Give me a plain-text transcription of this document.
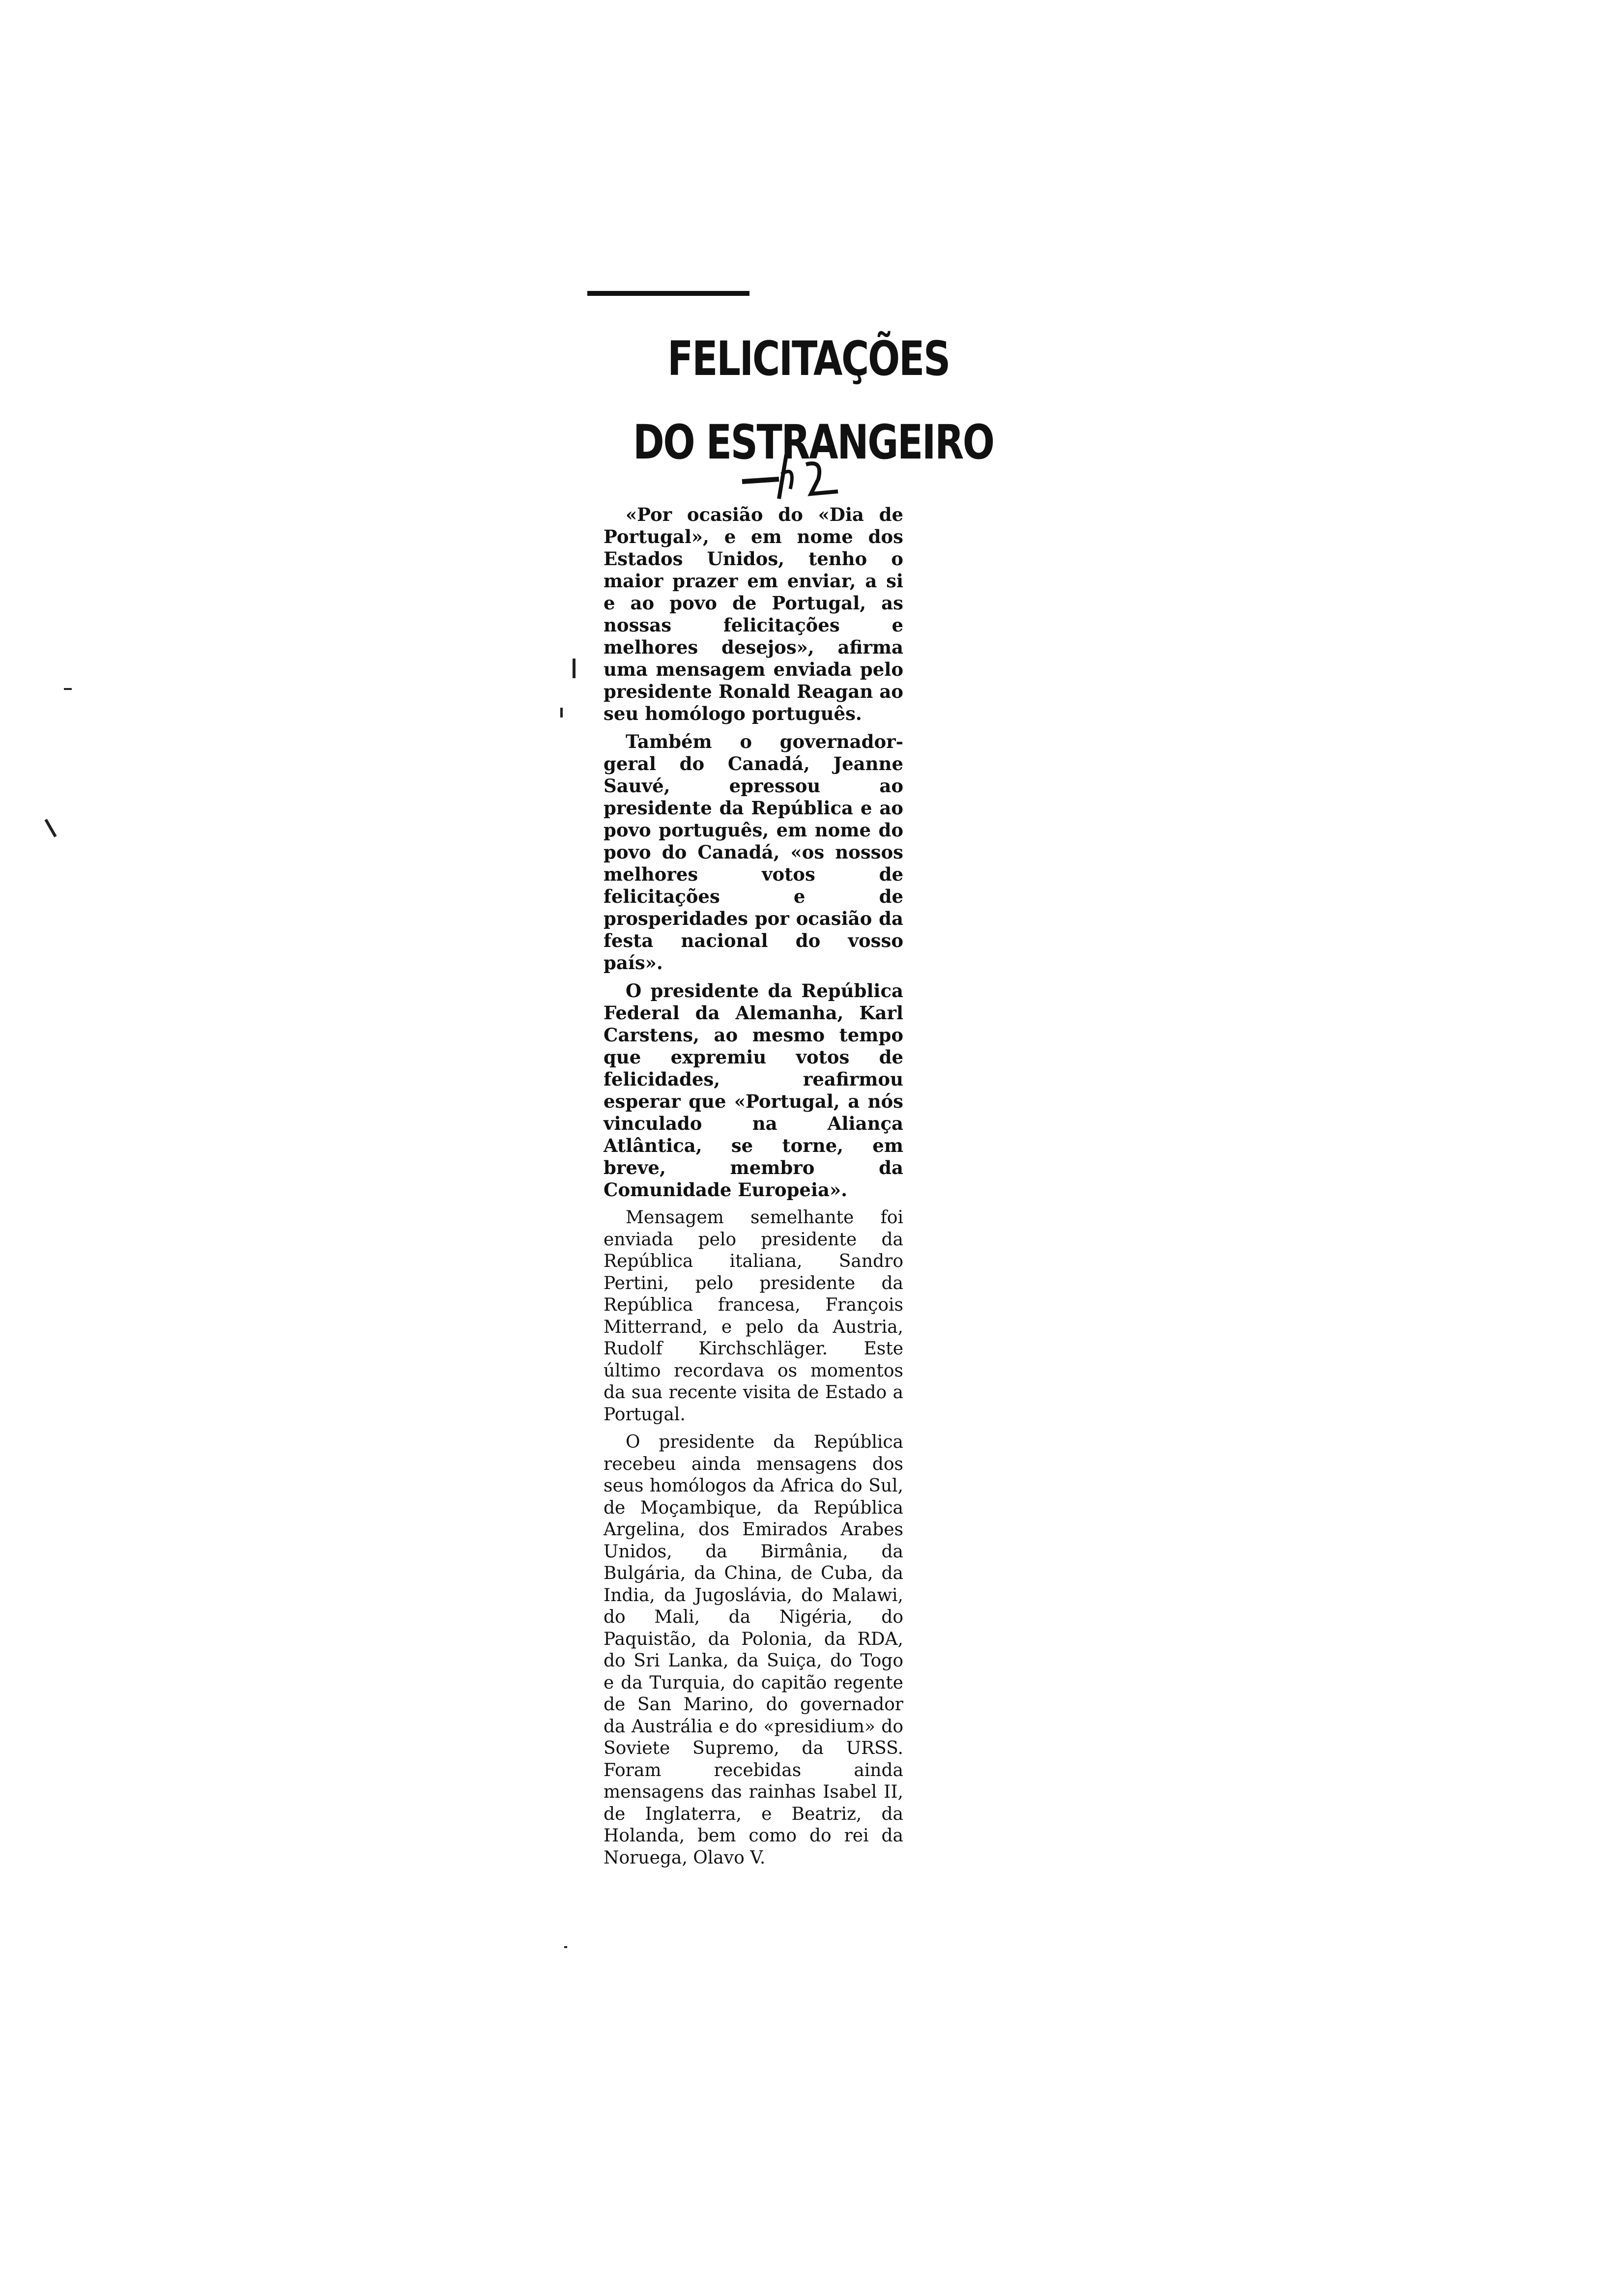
FELICITAÇÕES
DO ESTRANGEIRO

«Por ocasião do «Dia de Portugal», e em nome dos Estados Unidos, tenho o maior prazer em enviar, a si e ao povo de Portugal, as nossas felicitações e melhores desejos», afirma uma mensagem enviada pelo presidente Ronald Reagan ao seu homólogo português.

Também o governador-geral do Canadá, Jeanne Sauvé, epressou ao presidente da República e ao povo português, em nome do povo do Canadá, «os nossos melhores votos de felicitações e de prosperidades por ocasião da festa nacional do vosso país».

O presidente da República Federal da Alemanha, Karl Carstens, ao mesmo tempo que expremiu votos de felicidades, reafirmou esperar que «Portugal, a nós vinculado na Aliança Atlântica, se torne, em breve, membro da Comunidade Europeia».

Mensagem semelhante foi enviada pelo presidente da República italiana, Sandro Pertini, pelo presidente da República francesa, François Mitterrand, e pelo da Austria, Rudolf Kirchschläger. Este último recordava os momentos da sua recente visita de Estado a Portugal.

O presidente da República recebeu ainda mensagens dos seus homólogos da Africa do Sul, de Moçambique, da República Argelina, dos Emirados Arabes Unidos, da Birmânia, da Bulgária, da China, de Cuba, da India, da Jugoslávia, do Malawi, do Mali, da Nigéria, do Paquistão, da Polonia, da RDA, do Sri Lanka, da Suiça, do Togo e da Turquia, do capitão regente de San Marino, do governador da Austrália e do «presidium» do Soviete Supremo, da URSS. Foram recebidas ainda mensagens das rainhas Isabel II, de Inglaterra, e Beatriz, da Holanda, bem como do rei da Noruega, Olavo V.
